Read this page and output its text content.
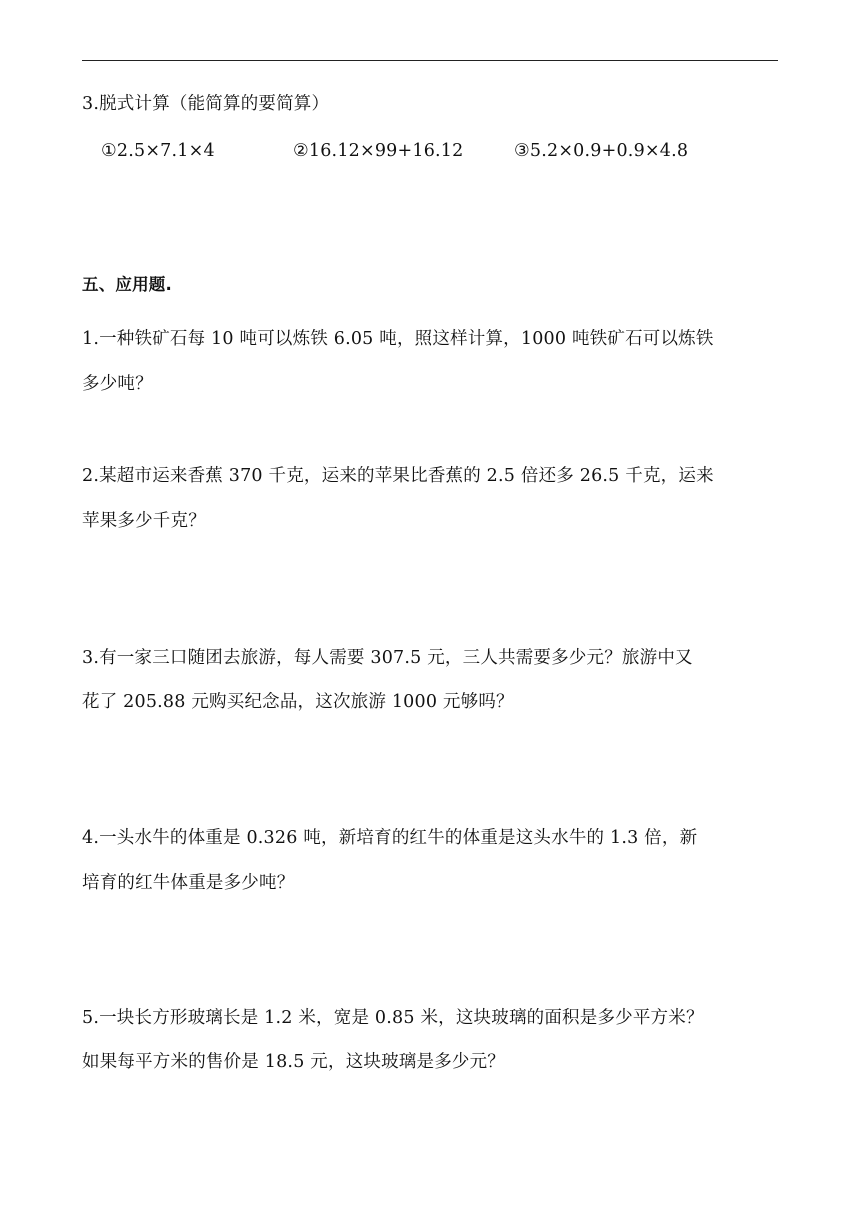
3.脱式计算（能简算的要简算）
①2.5×7.1×4	②16.12×99+16.12	③5.2×0.9+0.9×4.8
五、应用题.
1.一种铁矿石每 10 吨可以炼铁 6.05 吨，照这样计算，1000 吨铁矿石可以炼铁
多少吨？
2.某超市运来香蕉 370 千克，运来的苹果比香蕉的 2.5 倍还多 26.5 千克，运来
苹果多少千克？
3.有一家三口随团去旅游，每人需要 307.5 元，三人共需要多少元？旅游中又
花了 205.88 元购买纪念品，这次旅游 1000 元够吗？
4.一头水牛的体重是 0.326 吨，新培育的红牛的体重是这头水牛的 1.3 倍，新
培育的红牛体重是多少吨？
5.一块长方形玻璃长是 1.2 米，宽是 0.85 米，这块玻璃的面积是多少平方米？
如果每平方米的售价是 18.5 元，这块玻璃是多少元？
